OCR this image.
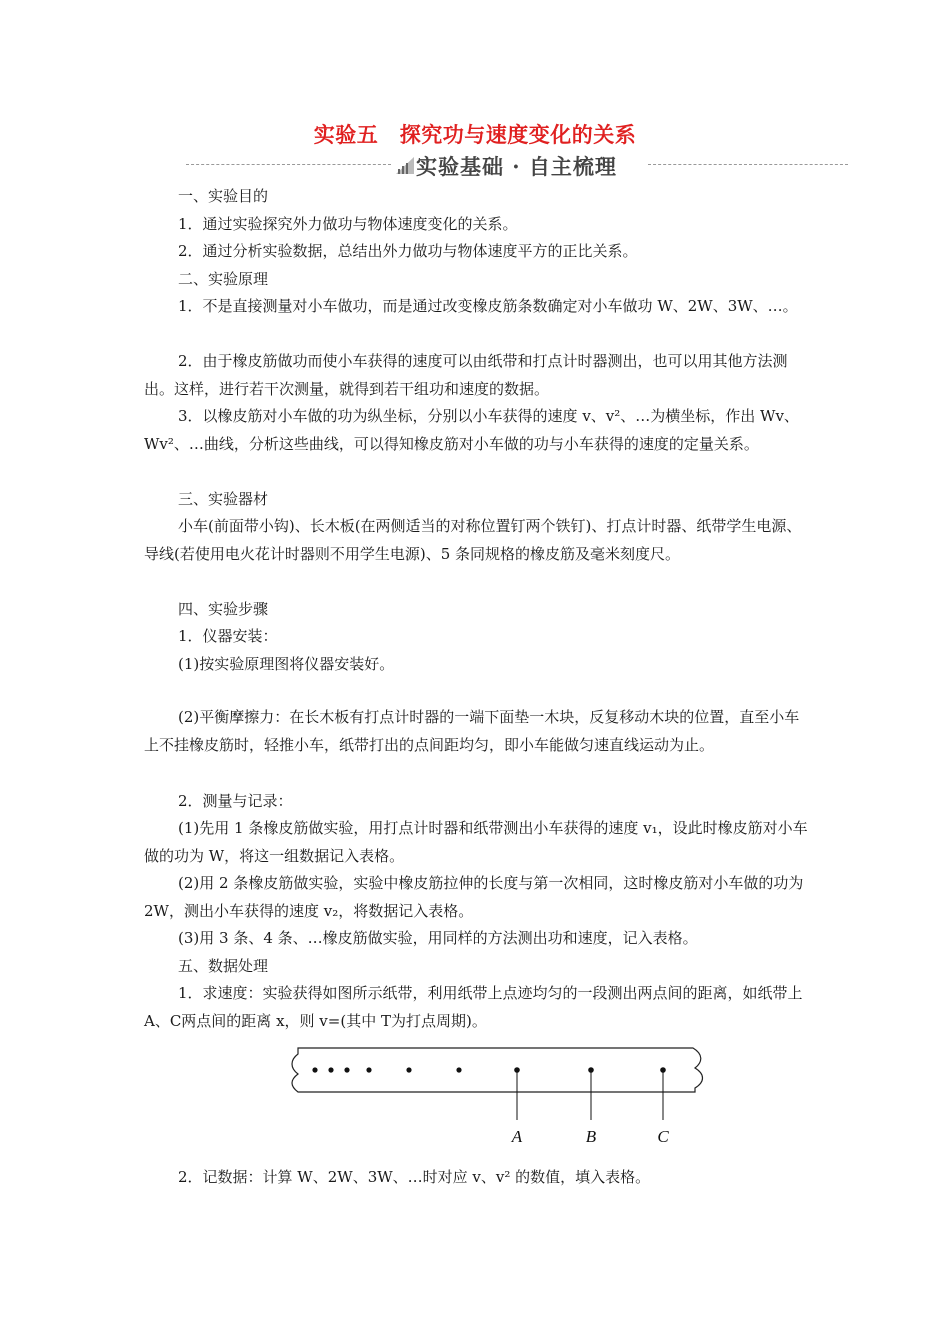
实验五　探究功与速度变化的关系
实验基础 · 自主梳理

一、实验目的

1．通过实验探究外力做功与物体速度变化的关系。

2．通过分析实验数据，总结出外力做功与物体速度平方的正比关系。

二、实验原理

1．不是直接测量对小车做功，而是通过改变橡皮筋条数确定对小车做功 W、2W、3W、…。

2．由于橡皮筋做功而使小车获得的速度可以由纸带和打点计时器测出，也可以用其他方法测出。这样，进行若干次测量，就得到若干组功和速度的数据。

3．以橡皮筋对小车做的功为纵坐标，分别以小车获得的速度 v、v²、…为横坐标，作出 Wv、Wv²、…曲线，分析这些曲线，可以得知橡皮筋对小车做的功与小车获得的速度的定量关系。

三、实验器材

小车(前面带小钩)、长木板(在两侧适当的对称位置钉两个铁钉)、打点计时器、纸带学生电源、导线(若使用电火花计时器则不用学生电源)、5 条同规格的橡皮筋及毫米刻度尺。

四、实验步骤

1．仪器安装：

(1)按实验原理图将仪器安装好。

(2)平衡摩擦力：在长木板有打点计时器的一端下面垫一木块，反复移动木块的位置，直至小车上不挂橡皮筋时，轻推小车，纸带打出的点间距均匀，即小车能做匀速直线运动为止。

2．测量与记录：

(1)先用 1 条橡皮筋做实验，用打点计时器和纸带测出小车获得的速度 v₁，设此时橡皮筋对小车做的功为 W，将这一组数据记入表格。

(2)用 2 条橡皮筋做实验，实验中橡皮筋拉伸的长度与第一次相同，这时橡皮筋对小车做的功为 2W，测出小车获得的速度 v₂，将数据记入表格。

(3)用 3 条、4 条、…橡皮筋做实验，用同样的方法测出功和速度，记入表格。

五、数据处理

1．求速度：实验获得如图所示纸带，利用纸带上点迹均匀的一段测出两点间的距离，如纸带上 A、C两点间的距离 x，则 v=(其中 T为打点周期)。

A	B	C

2．记数据：计算 W、2W、3W、…时对应 v、v² 的数值，填入表格。
